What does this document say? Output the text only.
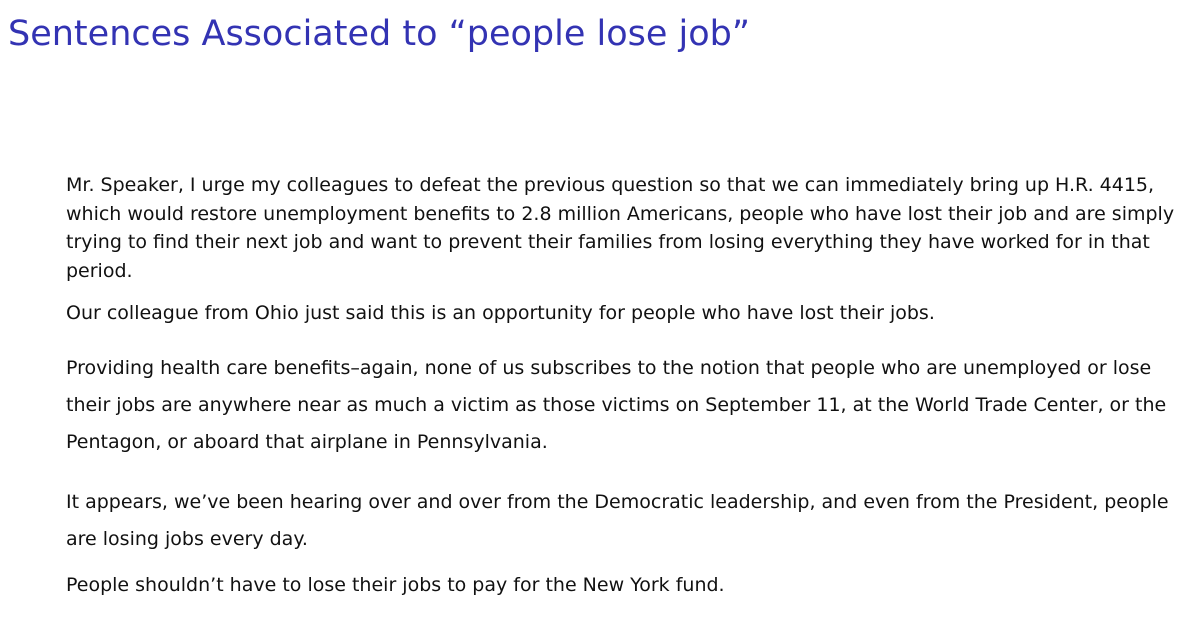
Sentences Associated to “people lose job”

Mr. Speaker, I urge my colleagues to defeat the previous question so that we can immediately bring up H.R. 4415, which would restore unemployment benefits to 2.8 million Americans, people who have lost their job and are simply trying to find their next job and want to prevent their families from losing everything they have worked for in that period.

Our colleague from Ohio just said this is an opportunity for people who have lost their jobs.

Providing health care benefits–again, none of us subscribes to the notion that people who are unemployed or lose their jobs are anywhere near as much a victim as those victims on September 11, at the World Trade Center, or the Pentagon, or aboard that airplane in Pennsylvania.

It appears, we’ve been hearing over and over from the Democratic leadership, and even from the President, people are losing jobs every day.

People shouldn’t have to lose their jobs to pay for the New York fund.
